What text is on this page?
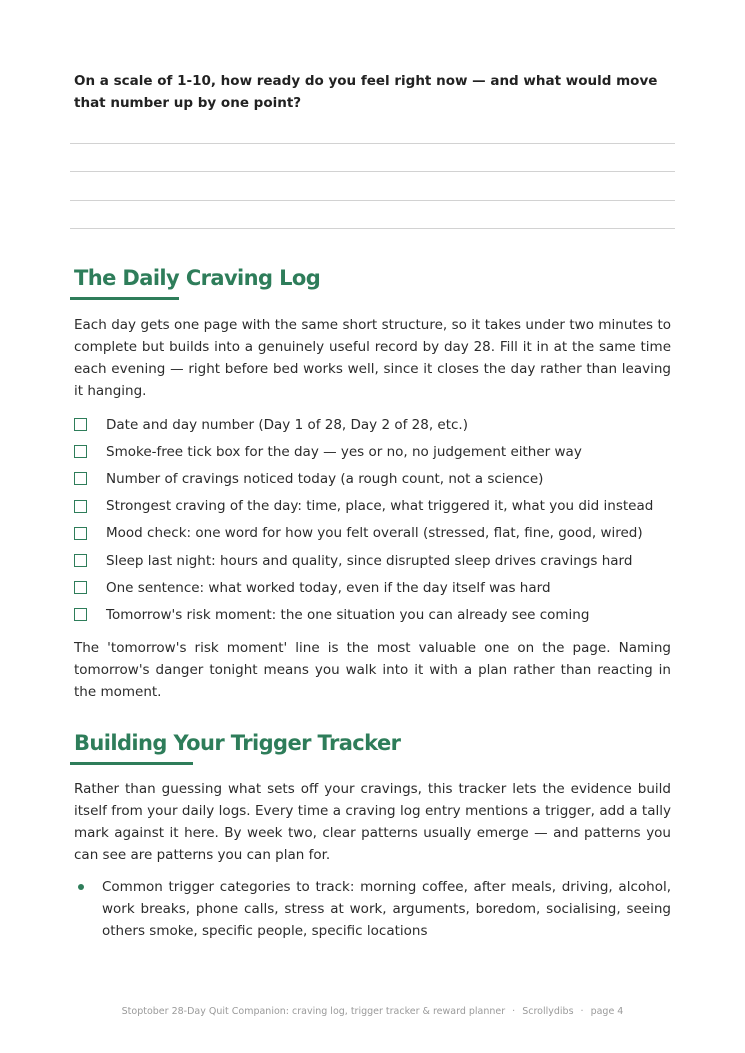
On a scale of 1-10, how ready do you feel right now — and what would move that number up by one point?
The Daily Craving Log

Each day gets one page with the same short structure, so it takes under two minutes to complete but builds into a genuinely useful record by day 28. Fill it in at the same time each evening — right before bed works well, since it closes the day rather than leaving it hanging.

Date and day number (Day 1 of 28, Day 2 of 28, etc.)
Smoke-free tick box for the day — yes or no, no judgement either way
Number of cravings noticed today (a rough count, not a science)
Strongest craving of the day: time, place, what triggered it, what you did instead
Mood check: one word for how you felt overall (stressed, flat, fine, good, wired)
Sleep last night: hours and quality, since disrupted sleep drives cravings hard
One sentence: what worked today, even if the day itself was hard
Tomorrow's risk moment: the one situation you can already see coming

The 'tomorrow's risk moment' line is the most valuable one on the page. Naming tomorrow's danger tonight means you walk into it with a plan rather than reacting in the moment.

Building Your Trigger Tracker

Rather than guessing what sets off your cravings, this tracker lets the evidence build itself from your daily logs. Every time a craving log entry mentions a trigger, add a tally mark against it here. By week two, clear patterns usually emerge — and patterns you can see are patterns you can plan for.

Common trigger categories to track: morning coffee, after meals, driving, alcohol, work breaks, phone calls, stress at work, arguments, boredom, socialising, seeing others smoke, specific people, specific locations
Stoptober 28-Day Quit Companion: craving log, trigger tracker & reward planner · Scrollydibs · page 4
